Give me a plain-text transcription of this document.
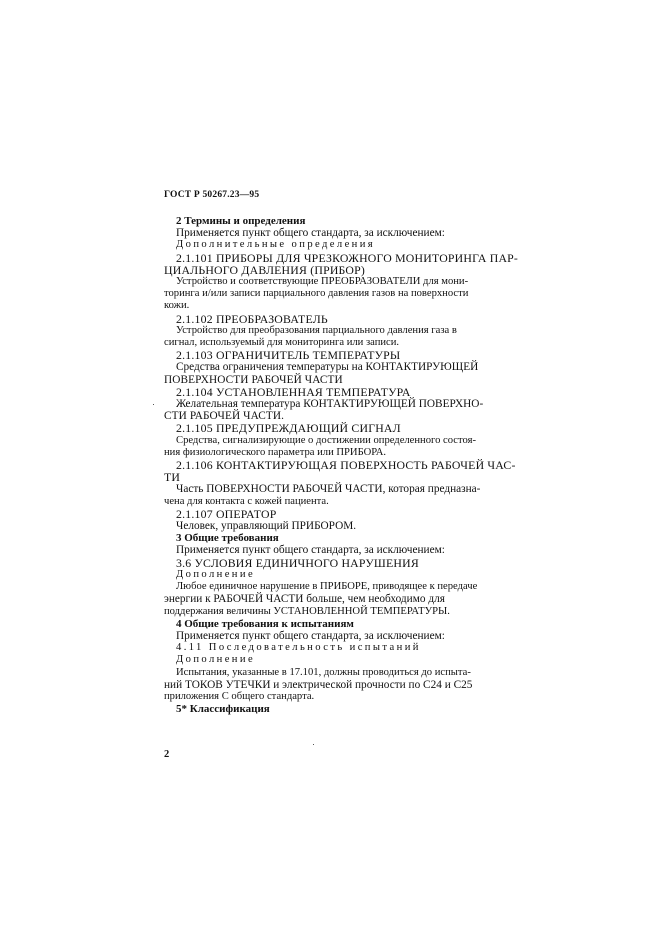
ГОСТ Р 50267.23—95

2 Термины и определения

Применяется пункт общего стандарта, за исключением:

Дополнительные определения

2.1.101 ПРИБОРЫ ДЛЯ ЧРЕЗКОЖНОГО МОНИТОРИНГА ПАР-

ЦИАЛЬНОГО ДАВЛЕНИЯ (ПРИБОР)

Устройство и соответствующие ПРЕОБРАЗОВАТЕЛИ для мони-

торинга и/или записи парциального давления газов на поверхности

кожи.

2.1.102 ПРЕОБРАЗОВАТЕЛЬ

Устройство для преобразования парциального давления газа в

сигнал, используемый для мониторинга или записи.

2.1.103 ОГРАНИЧИТЕЛЬ ТЕМПЕРАТУРЫ

Средства ограничения температуры на КОНТАКТИРУЮЩЕЙ

ПОВЕРХНОСТИ РАБОЧЕЙ ЧАСТИ

2.1.104 УСТАНОВЛЕННАЯ ТЕМПЕРАТУРА

Желательная температура КОНТАКТИРУЮЩЕЙ ПОВЕРХНО-

СТИ РАБОЧЕЙ ЧАСТИ.

2.1.105 ПРЕДУПРЕЖДАЮЩИЙ СИГНАЛ

Средства, сигнализирующие о достижении определенного состоя-

ния физиологического параметра или ПРИБОРА.

2.1.106 КОНТАКТИРУЮЩАЯ ПОВЕРХНОСТЬ РАБОЧЕЙ ЧАС-

ТИ

Часть ПОВЕРХНОСТИ РАБОЧЕЙ ЧАСТИ, которая предназна-

чена для контакта с кожей пациента.

2.1.107 ОПЕРАТОР

Человек, управляющий ПРИБОРОМ.

3 Общие требования

Применяется пункт общего стандарта, за исключением:

3.6 УСЛОВИЯ ЕДИНИЧНОГО НАРУШЕНИЯ

Дополнение

Любое единичное нарушение в ПРИБОРЕ, приводящее к передаче

энергии к РАБОЧЕЙ ЧАСТИ больше, чем необходимо для

поддержания величины УСТАНОВЛЕННОЙ ТЕМПЕРАТУРЫ.

4 Общие требования к испытаниям

Применяется пункт общего стандарта, за исключением:

4.11 Последовательность испытаний

Дополнение

Испытания, указанные в 17.101, должны проводиться до испыта-

ний ТОКОВ УТЕЧКИ и электрической прочности по С24 и С25

приложения С общего стандарта.

5* Классификация

2
